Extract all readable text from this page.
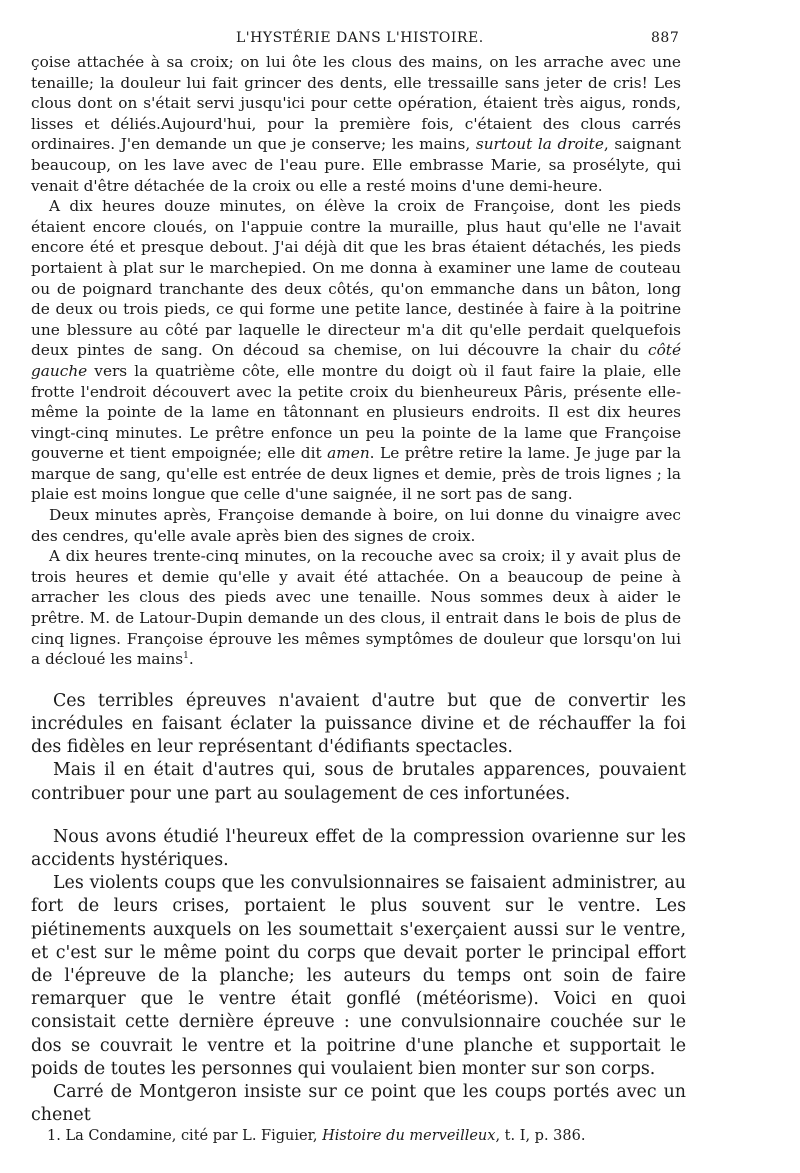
L'HYSTÉRIE DANS L'HISTOIRE.	887

çoise attachée à sa croix; on lui ôte les clous des mains, on les arrache avec une tenaille; la douleur lui fait grincer des dents, elle tressaille sans jeter de cris! Les clous dont on s'était servi jusqu'ici pour cette opération, étaient très aigus, ronds, lisses et déliés.Aujourd'hui, pour la première fois, c'étaient des clous carrés ordinaires. J'en demande un que je conserve; les mains, surtout la droite, saignant beaucoup, on les lave avec de l'eau pure. Elle embrasse Marie, sa prosélyte, qui venait d'être détachée de la croix ou elle a resté moins d'une demi-heure.

A dix heures douze minutes, on élève la croix de Françoise, dont les pieds étaient encore cloués, on l'appuie contre la muraille, plus haut qu'elle ne l'avait encore été et presque debout. J'ai déjà dit que les bras étaient détachés, les pieds portaient à plat sur le marchepied. On me donna à examiner une lame de couteau ou de poignard tranchante des deux côtés, qu'on emmanche dans un bâton, long de deux ou trois pieds, ce qui forme une petite lance, destinée à faire à la poitrine une blessure au côté par laquelle le directeur m'a dit qu'elle perdait quelquefois deux pintes de sang. On découd sa chemise, on lui découvre la chair du côté gauche vers la quatrième côte, elle montre du doigt où il faut faire la plaie, elle frotte l'endroit découvert avec la petite croix du bienheureux Pâris, présente elle-même la pointe de la lame en tâtonnant en plusieurs endroits. Il est dix heures vingt-cinq minutes. Le prêtre enfonce un peu la pointe de la lame que Françoise gouverne et tient empoignée; elle dit amen. Le prêtre retire la lame. Je juge par la marque de sang, qu'elle est entrée de deux lignes et demie, près de trois lignes ; la plaie est moins longue que celle d'une saignée, il ne sort pas de sang.

Deux minutes après, Françoise demande à boire, on lui donne du vinaigre avec des cendres, qu'elle avale après bien des signes de croix.

A dix heures trente-cinq minutes, on la recouche avec sa croix; il y avait plus de trois heures et demie qu'elle y avait été attachée. On a beaucoup de peine à arracher les clous des pieds avec une tenaille. Nous sommes deux à aider le prêtre. M. de Latour-Dupin demande un des clous, il entrait dans le bois de plus de cinq lignes. Françoise éprouve les mêmes symptômes de douleur que lorsqu'on lui a décloué les mains$^1$.

Ces terribles épreuves n'avaient d'autre but que de convertir les incrédules en faisant éclater la puissance divine et de réchauffer la foi des fidèles en leur représentant d'édifiants spectacles.

Mais il en était d'autres qui, sous de brutales apparences, pouvaient contribuer pour une part au soulagement de ces infortunées.

Nous avons étudié l'heureux effet de la compression ovarienne sur les accidents hystériques.

Les violents coups que les convulsionnaires se faisaient administrer, au fort de leurs crises, portaient le plus souvent sur le ventre. Les piétinements auxquels on les soumettait s'exerçaient aussi sur le ventre, et c'est sur le même point du corps que devait porter le principal effort de l'épreuve de la planche; les auteurs du temps ont soin de faire remarquer que le ventre était gonflé (météorisme). Voici en quoi consistait cette dernière épreuve : une convulsionnaire couchée sur le dos se couvrait le ventre et la poitrine d'une planche et supportait le poids de toutes les personnes qui voulaient bien monter sur son corps.

Carré de Montgeron insiste sur ce point que les coups portés avec un chenet

1. La Condamine, cité par L. Figuier, Histoire du merveilleux, t. I, p. 386.
